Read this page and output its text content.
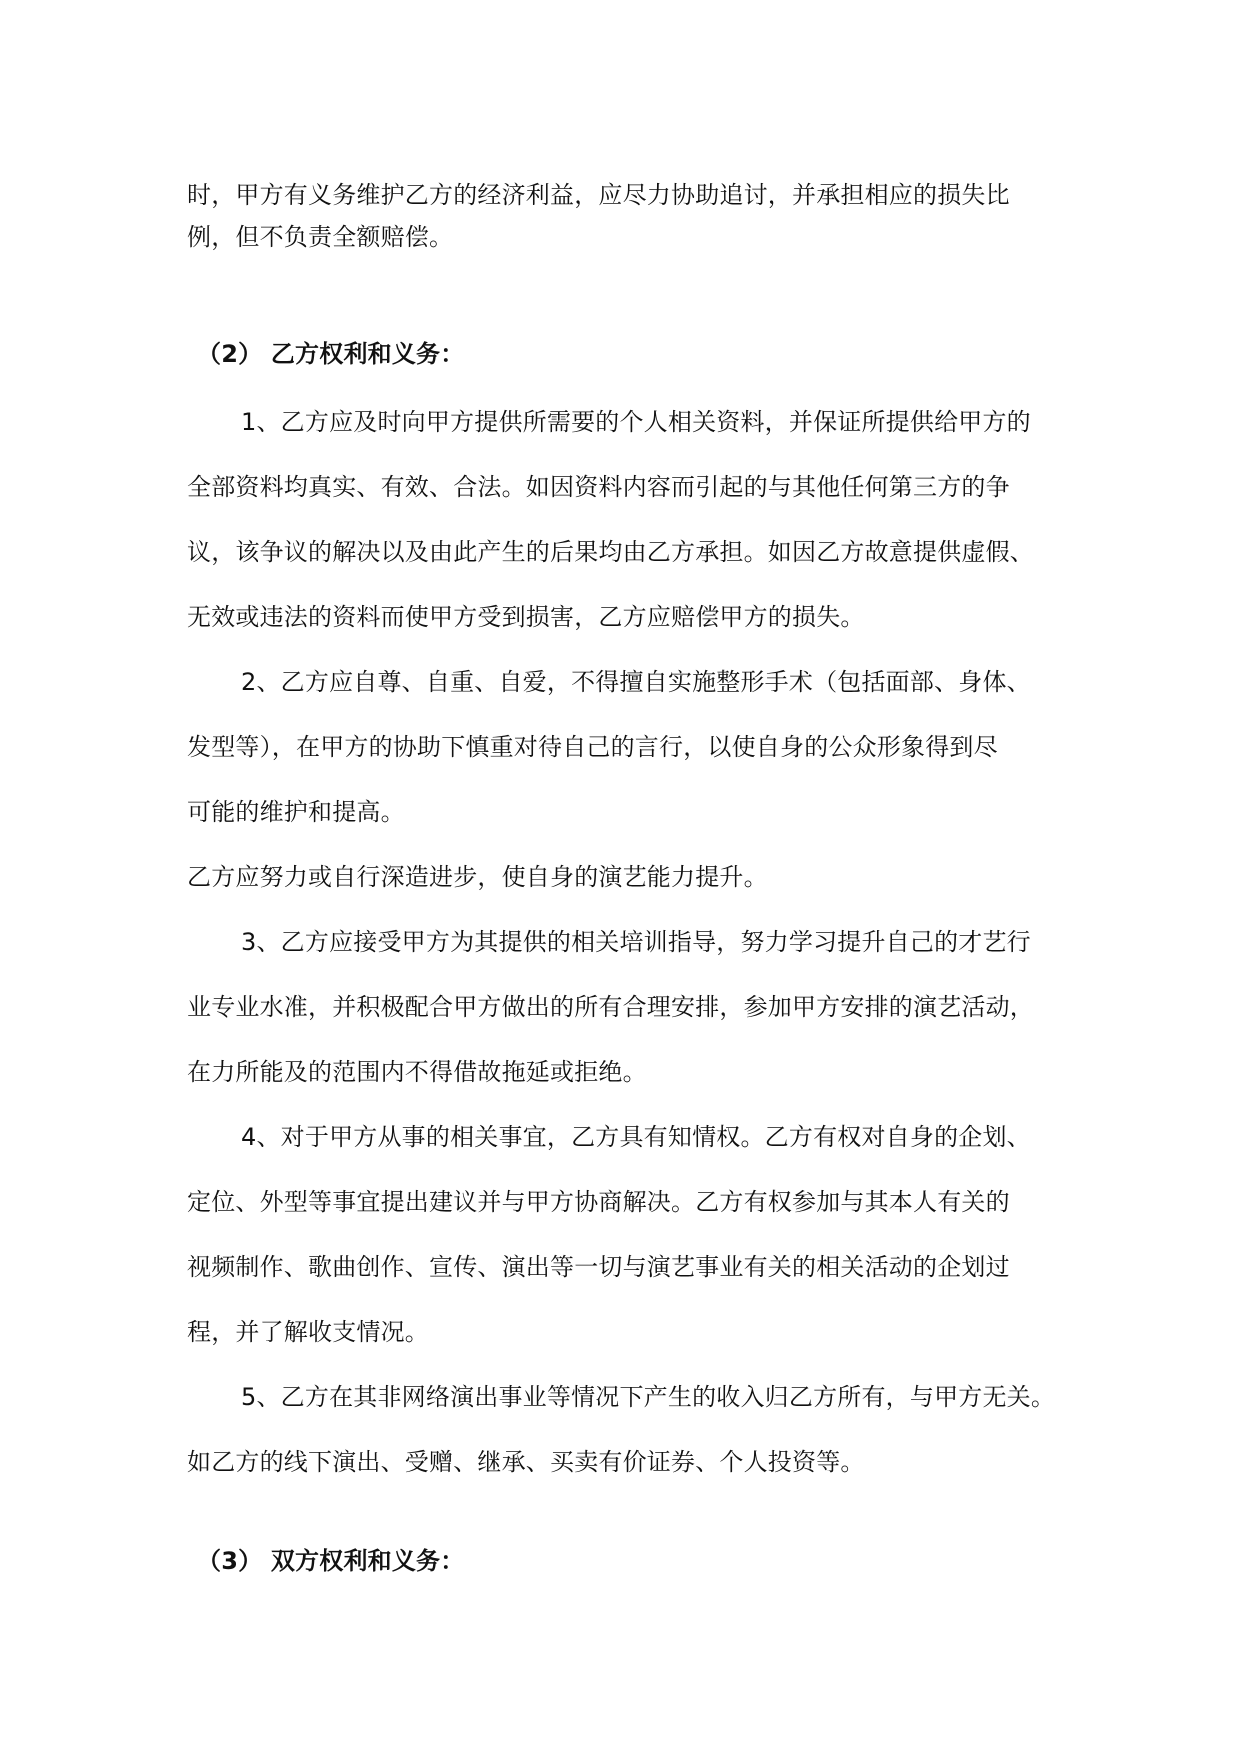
时，甲方有义务维护乙方的经济利益，应尽力协助追讨，并承担相应的损失比
例，但不负责全额赔偿。
（2） 乙方权利和义务：
1、乙方应及时向甲方提供所需要的个人相关资料，并保证所提供给甲方的
全部资料均真实、有效、合法。如因资料内容而引起的与其他任何第三方的争
议，该争议的解决以及由此产生的后果均由乙方承担。如因乙方故意提供虚假、
无效或违法的资料而使甲方受到损害，乙方应赔偿甲方的损失。
2、乙方应自尊、自重、自爱，不得擅自实施整形手术（包括面部、身体、
发型等），在甲方的协助下慎重对待自己的言行，以使自身的公众形象得到尽
可能的维护和提高。
乙方应努力或自行深造进步，使自身的演艺能力提升。
3、乙方应接受甲方为其提供的相关培训指导，努力学习提升自己的才艺行
业专业水准，并积极配合甲方做出的所有合理安排，参加甲方安排的演艺活动，
在力所能及的范围内不得借故拖延或拒绝。
4、对于甲方从事的相关事宜，乙方具有知情权。乙方有权对自身的企划、
定位、外型等事宜提出建议并与甲方协商解决。乙方有权参加与其本人有关的
视频制作、歌曲创作、宣传、演出等一切与演艺事业有关的相关活动的企划过
程，并了解收支情况。
5、乙方在其非网络演出事业等情况下产生的收入归乙方所有，与甲方无关。
如乙方的线下演出、受赠、继承、买卖有价证券、个人投资等。
（3） 双方权利和义务：
